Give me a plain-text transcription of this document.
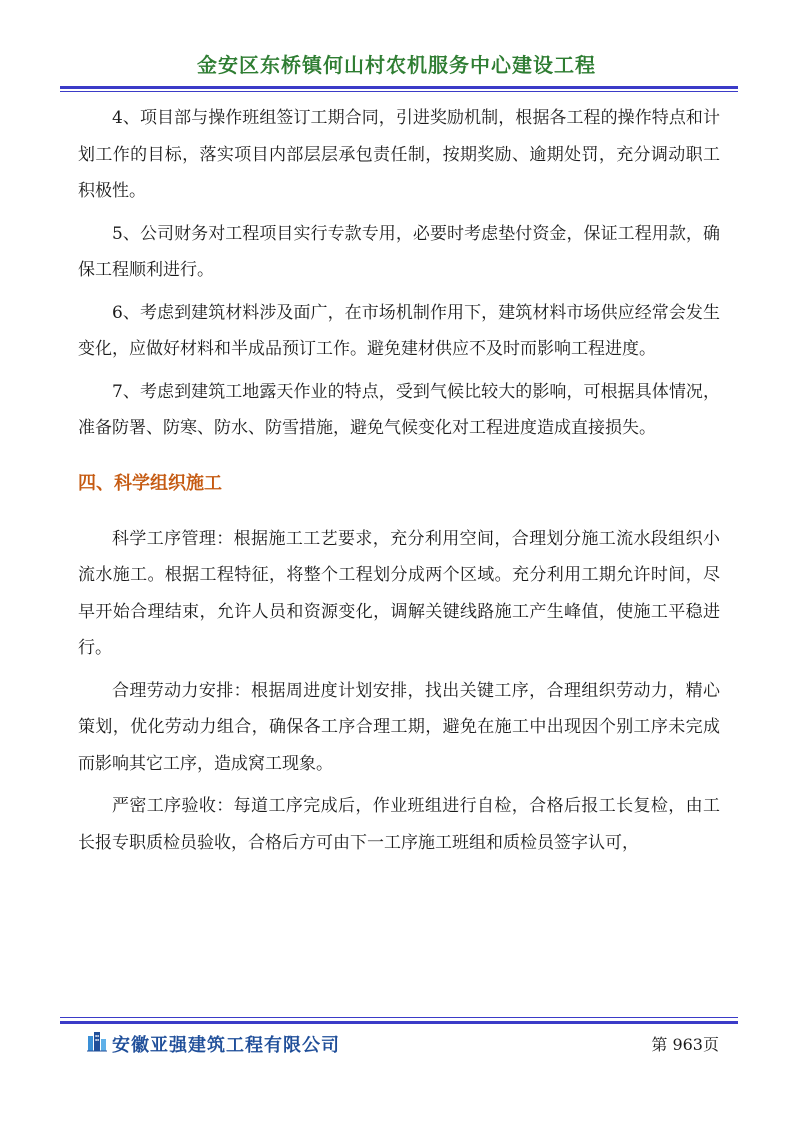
金安区东桥镇何山村农机服务中心建设工程

4、项目部与操作班组签订工期合同，引进奖励机制，根据各工程的操作特点和计划工作的目标，落实项目内部层层承包责任制，按期奖励、逾期处罚，充分调动职工积极性。

5、公司财务对工程项目实行专款专用，必要时考虑垫付资金，保证工程用款，确保工程顺利进行。

6、考虑到建筑材料涉及面广，在市场机制作用下，建筑材料市场供应经常会发生变化，应做好材料和半成品预订工作。避免建材供应不及时而影响工程进度。

7、考虑到建筑工地露天作业的特点，受到气候比较大的影响，可根据具体情况，准备防署、防寒、防水、防雪措施，避免气候变化对工程进度造成直接损失。

四、科学组织施工

科学工序管理：根据施工工艺要求，充分利用空间，合理划分施工流水段组织小流水施工。根据工程特征，将整个工程划分成两个区域。充分利用工期允许时间，尽早开始合理结束，允许人员和资源变化，调解关键线路施工产生峰值，使施工平稳进行。

合理劳动力安排：根据周进度计划安排，找出关键工序，合理组织劳动力，精心策划，优化劳动力组合，确保各工序合理工期，避免在施工中出现因个别工序未完成而影响其它工序，造成窝工现象。

严密工序验收：每道工序完成后，作业班组进行自检，合格后报工长复检，由工长报专职质检员验收，合格后方可由下一工序施工班组和质检员签字认可，

安徽亚强建筑工程有限公司	第 963页
